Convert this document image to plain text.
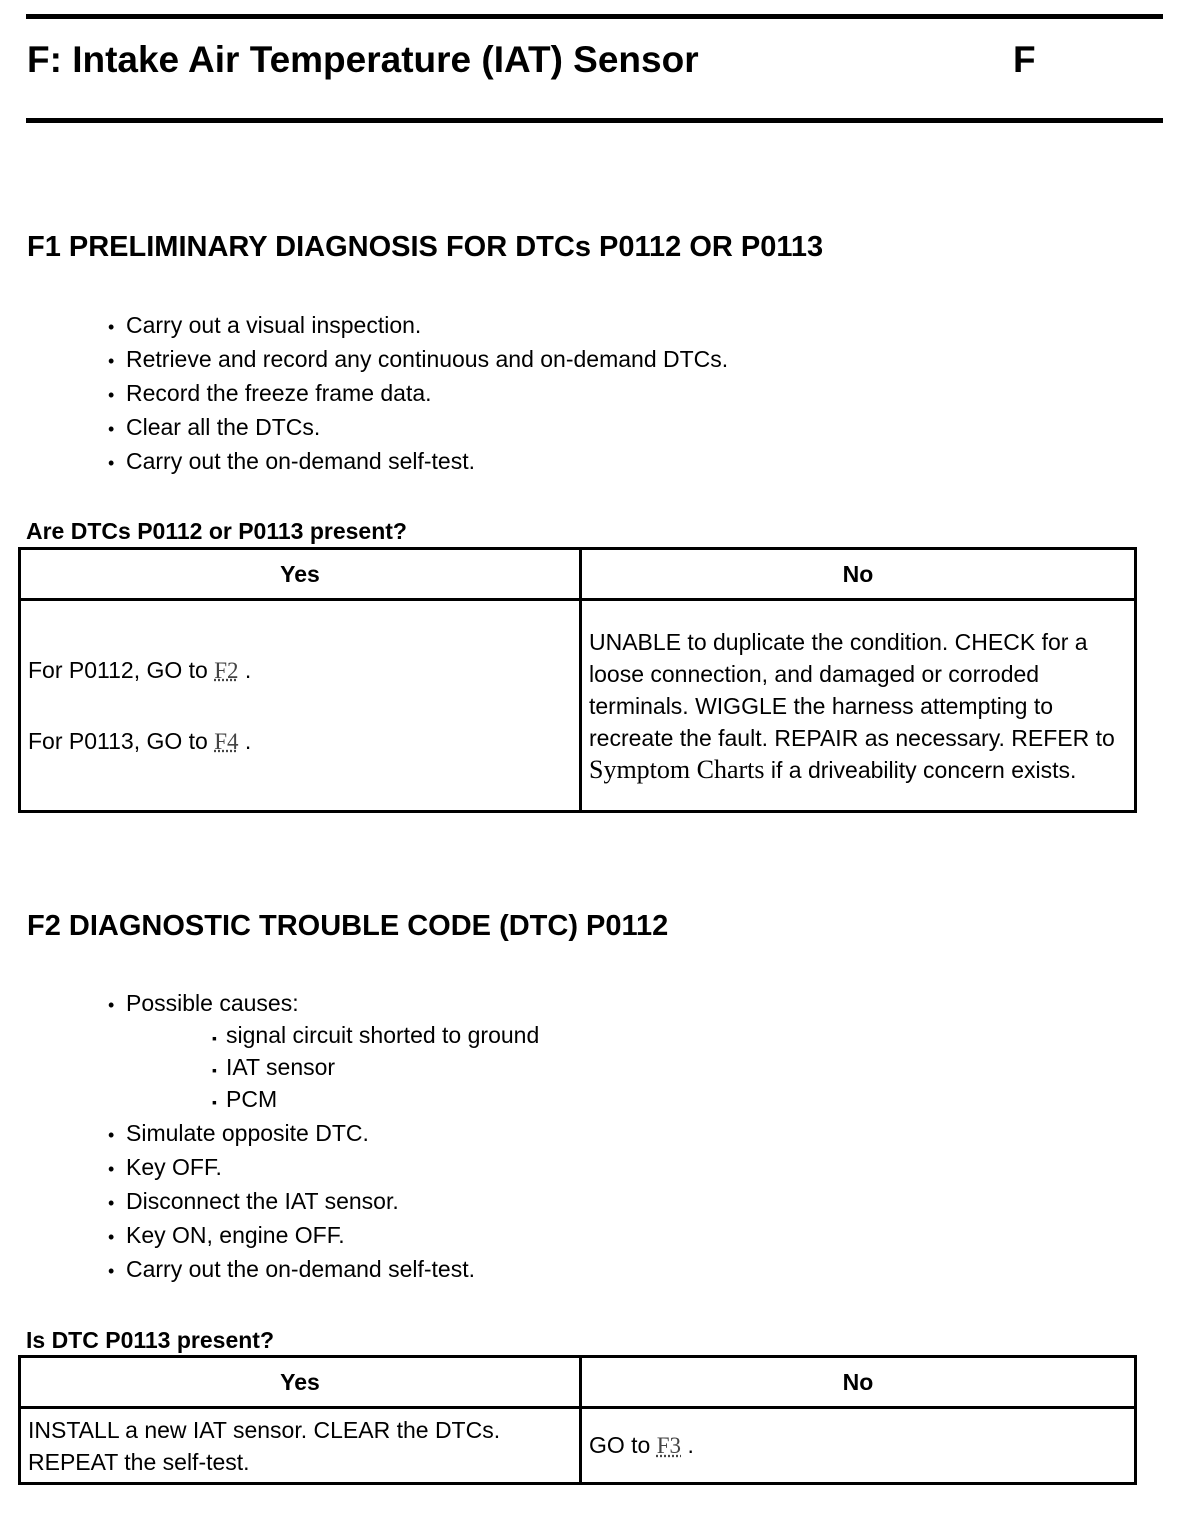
F: Intake Air Temperature (IAT) Sensor	F
F1 PRELIMINARY DIAGNOSIS FOR DTCs P0112 OR P0113
• Carry out a visual inspection.
• Retrieve and record any continuous and on-demand DTCs.
• Record the freeze frame data.
• Clear all the DTCs.
• Carry out the on-demand self-test.
Are DTCs P0112 or P0113 present?
Yes	No

For P0112, GO to F2 .
For P0113, GO to F4 .	UNABLE to duplicate the condition. CHECK for a loose connection, and damaged or corroded terminals. WIGGLE the harness attempting to recreate the fault. REPAIR as necessary. REFER to Symptom Charts if a driveability concern exists.
F2 DIAGNOSTIC TROUBLE CODE (DTC) P0112
• Possible causes:
▪ signal circuit shorted to ground
▪ IAT sensor
▪ PCM
• Simulate opposite DTC.
• Key OFF.
• Disconnect the IAT sensor.
• Key ON, engine OFF.
• Carry out the on-demand self-test.
Is DTC P0113 present?
Yes	No
INSTALL a new IAT sensor. CLEAR the DTCs. REPEAT the self-test.	GO to F3 .
